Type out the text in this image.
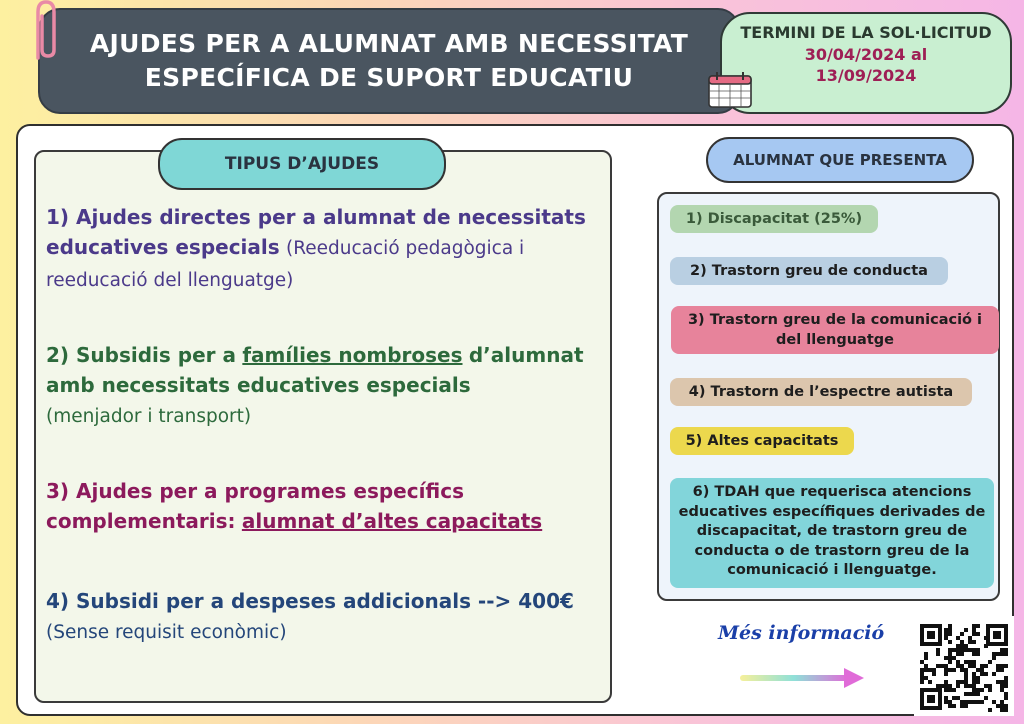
AJUDES PER A ALUMNAT AMB NECESSITAT
ESPECÍFICA DE SUPORT EDUCATIU
TERMINI DE LA SOL·LICITUD
30/04/2024 al
13/09/2024
TIPUS D’AJUDES
1) Ajudes directes per a alumnat de necessitats educatives especials (Reeducació pedagògica i reeducació del llenguatge)
2) Subsidis per a famílies nombroses d’alumnat amb necessitats educatives especials
(menjador i transport)
3) Ajudes per a programes específics complementaris: alumnat d’altes capacitats
4) Subsidi per a despeses addicionals --> 400€
(Sense requisit econòmic)
ALUMNAT QUE PRESENTA
1) Discapacitat (25%)
2) Trastorn greu de conducta
3) Trastorn greu de la comunicació i del llenguatge
4) Trastorn de l’espectre autista
5) Altes capacitats
6) TDAH que requerisca atencions educatives específiques derivades de discapacitat, de trastorn greu de conducta o de trastorn greu de la comunicació i llenguatge.
Més informació
